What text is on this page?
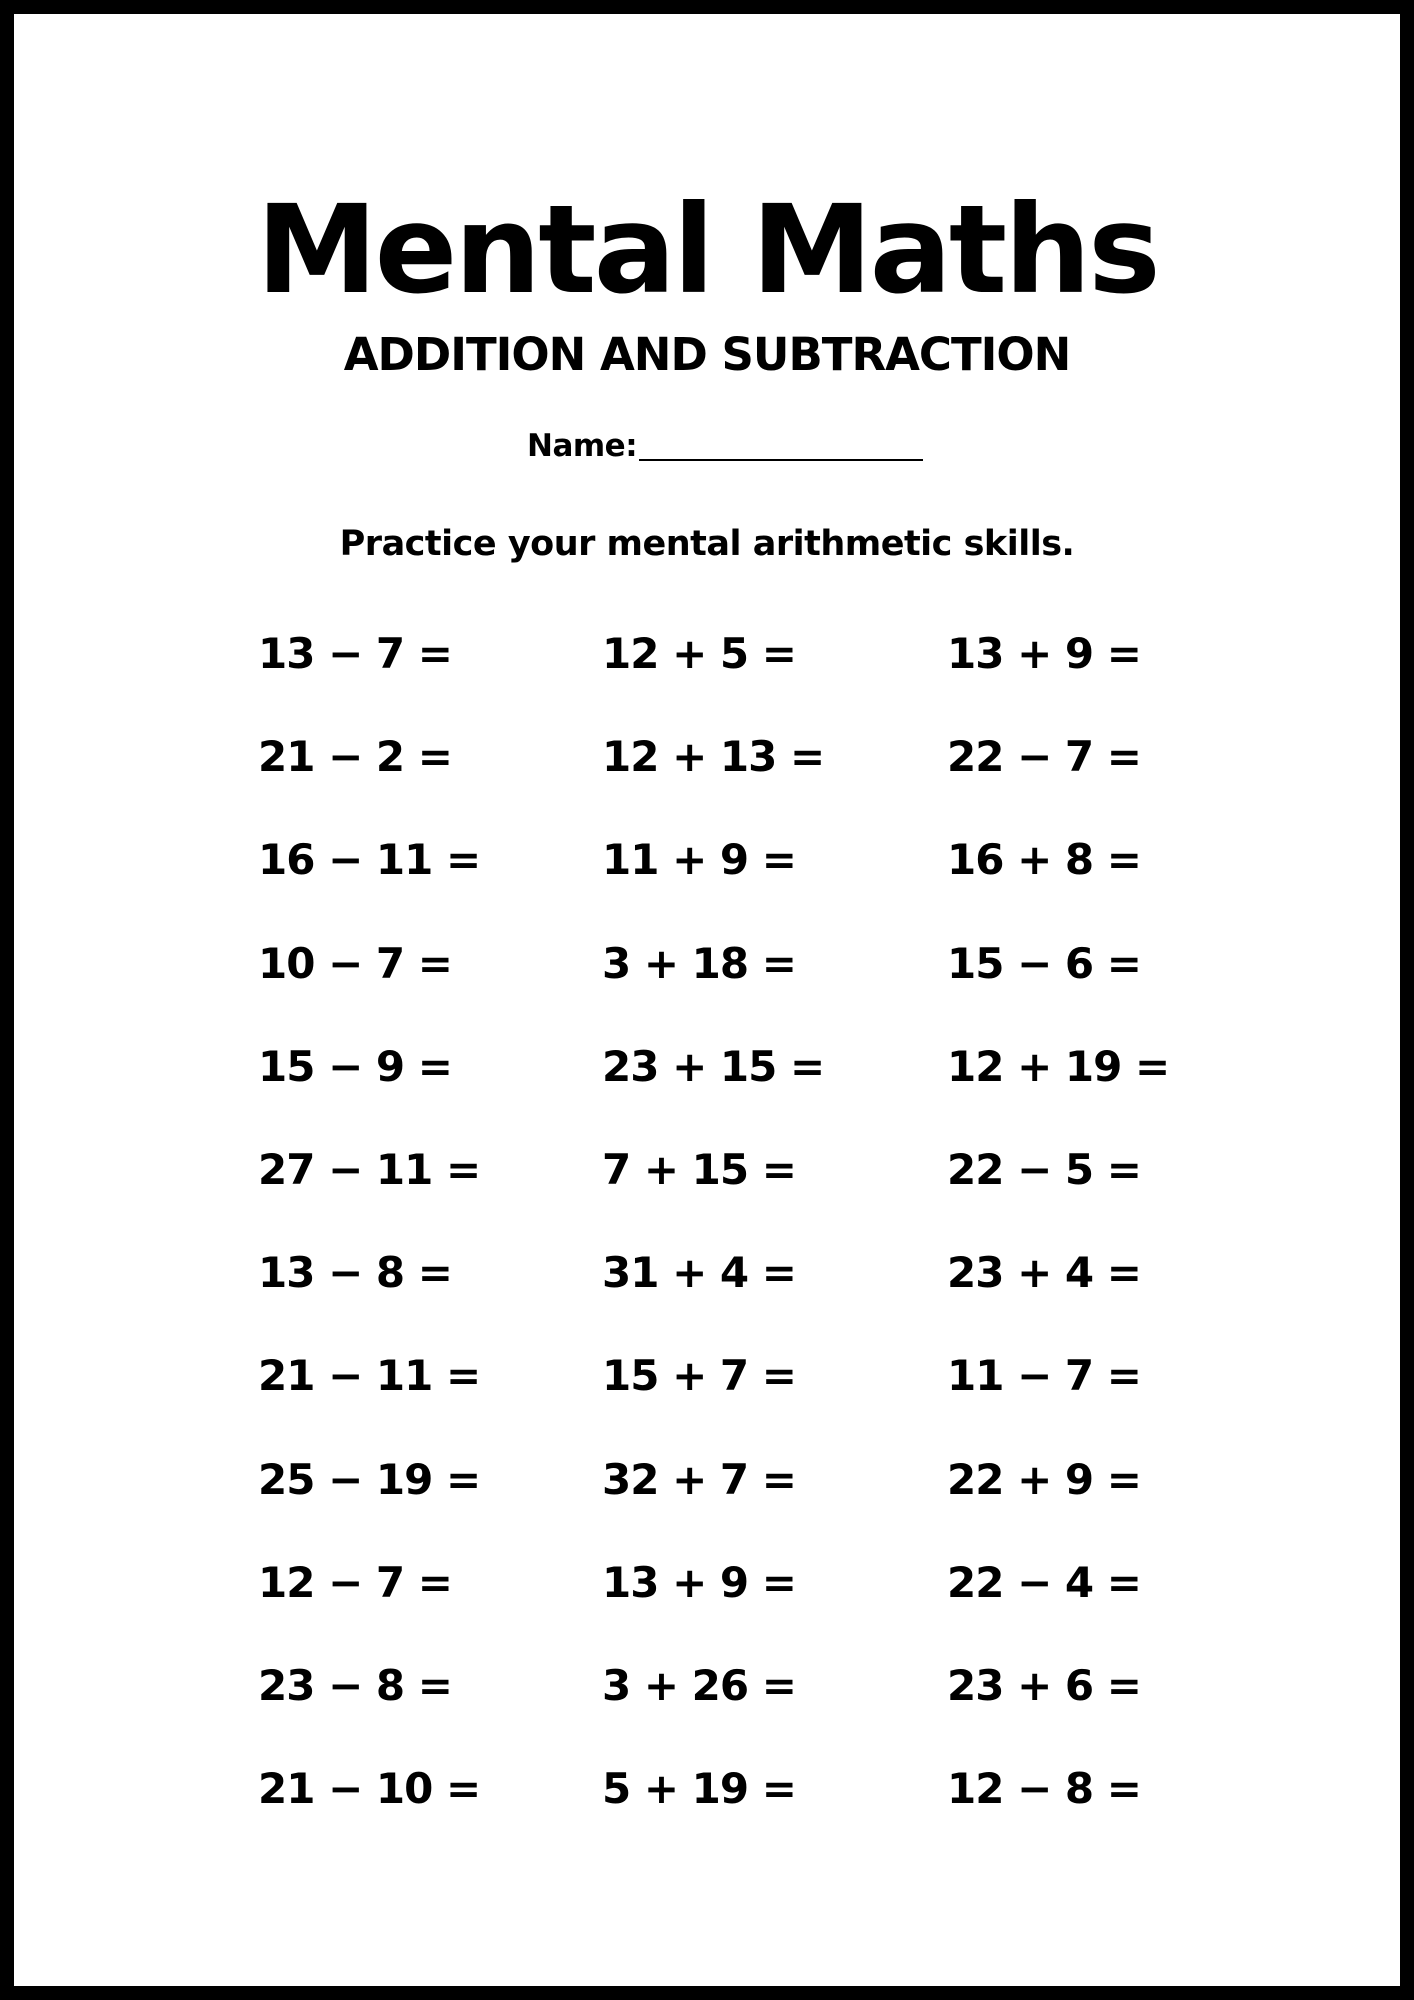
Mental Maths
ADDITION AND SUBTRACTION
Name:
Practice your mental arithmetic skills.
13 − 7 =
21 − 2 =
16 − 11 =
10 − 7 =
15 − 9 =
27 − 11 =
13 − 8 =
21 − 11 =
25 − 19 =
12 − 7 =
23 − 8 =
21 − 10 =
12 + 5 =
12 + 13 =
11 + 9 =
3 + 18 =
23 + 15 =
7 + 15 =
31 + 4 =
15 + 7 =
32 + 7 =
13 + 9 =
3 + 26 =
5 + 19 =
13 + 9 =
22 − 7 =
16 + 8 =
15 − 6 =
12 + 19 =
22 − 5 =
23 + 4 =
11 − 7 =
22 + 9 =
22 − 4 =
23 + 6 =
12 − 8 =
